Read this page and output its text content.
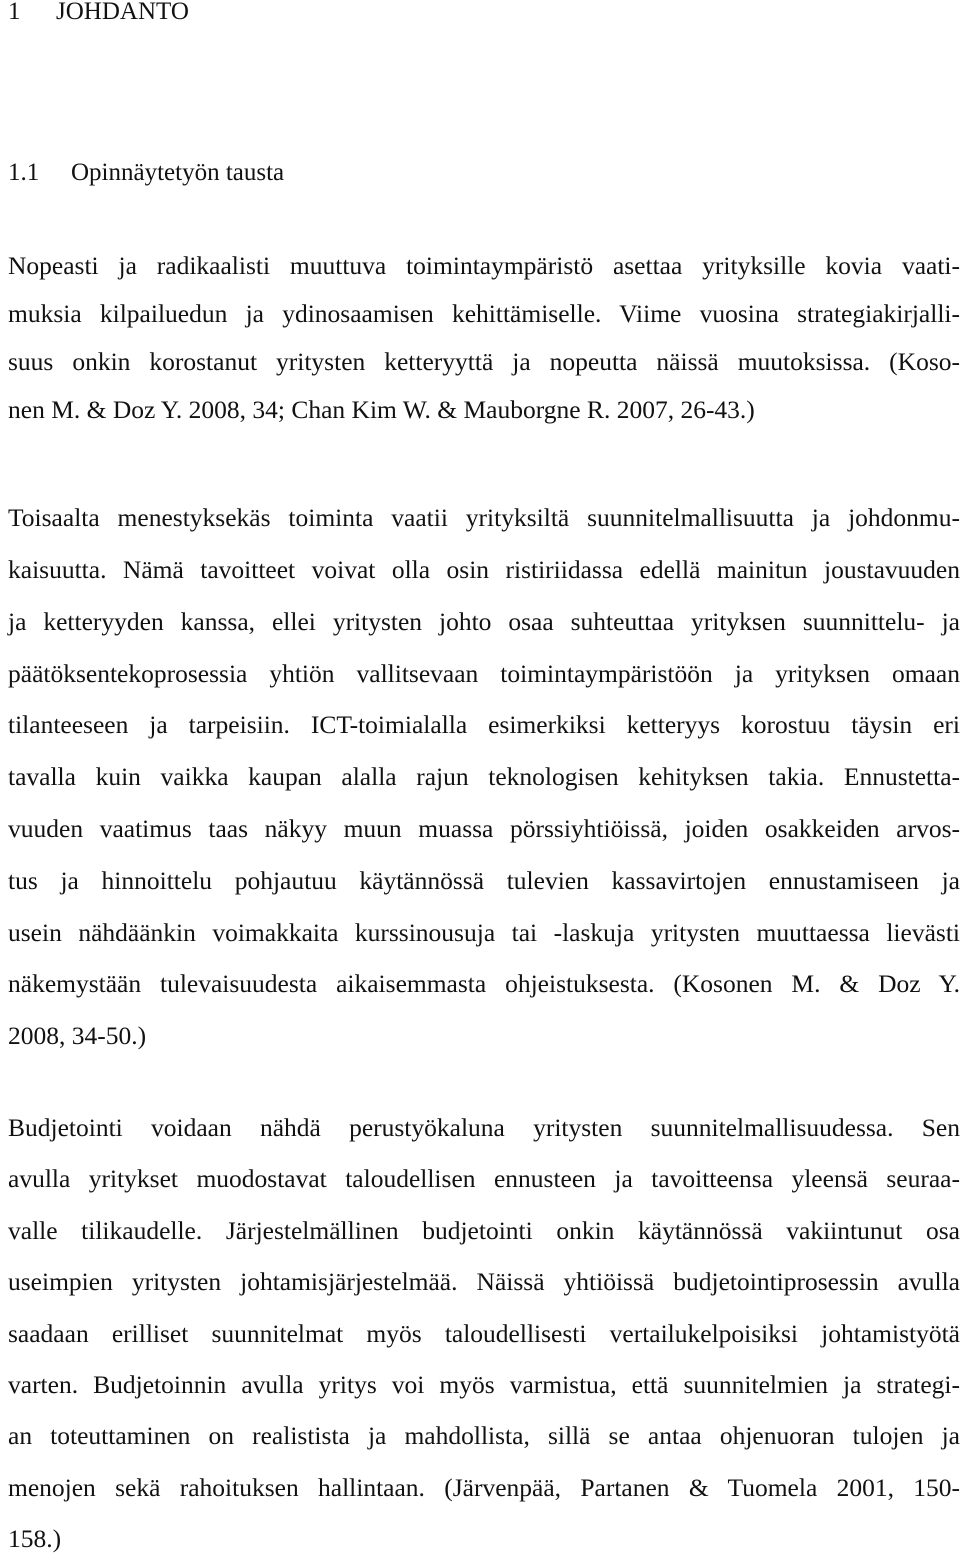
1 JOHDANTO
1.1 Opinnäytetyön tausta
Nopeasti ja radikaalisti muuttuva toimintaympäristö asettaa yrityksille kovia vaati-
muksia kilpailuedun ja ydinosaamisen kehittämiselle. Viime vuosina strategiakirjalli-
suus onkin korostanut yritysten ketteryyttä ja nopeutta näissä muutoksissa. (Koso-
nen M. & Doz Y. 2008, 34; Chan Kim W. & Mauborgne R. 2007, 26-43.)
Toisaalta menestyksekäs toiminta vaatii yrityksiltä suunnitelmallisuutta ja johdonmu-
kaisuutta. Nämä tavoitteet voivat olla osin ristiriidassa edellä mainitun joustavuuden
ja ketteryyden kanssa, ellei yritysten johto osaa suhteuttaa yrityksen suunnittelu- ja
päätöksentekoprosessia yhtiön vallitsevaan toimintaympäristöön ja yrityksen omaan
tilanteeseen ja tarpeisiin. ICT-toimialalla esimerkiksi ketteryys korostuu täysin eri
tavalla kuin vaikka kaupan alalla rajun teknologisen kehityksen takia. Ennustetta-
vuuden vaatimus taas näkyy muun muassa pörssiyhtiöissä, joiden osakkeiden arvos-
tus ja hinnoittelu pohjautuu käytännössä tulevien kassavirtojen ennustamiseen ja
usein nähdäänkin voimakkaita kurssinousuja tai -laskuja yritysten muuttaessa lievästi
näkemystään tulevaisuudesta aikaisemmasta ohjeistuksesta. (Kosonen M. & Doz Y.
2008, 34-50.)
Budjetointi voidaan nähdä perustyökaluna yritysten suunnitelmallisuudessa. Sen
avulla yritykset muodostavat taloudellisen ennusteen ja tavoitteensa yleensä seuraa-
valle tilikaudelle. Järjestelmällinen budjetointi onkin käytännössä vakiintunut osa
useimpien yritysten johtamisjärjestelmää. Näissä yhtiöissä budjetointiprosessin avulla
saadaan erilliset suunnitelmat myös taloudellisesti vertailukelpoisiksi johtamistyötä
varten. Budjetoinnin avulla yritys voi myös varmistua, että suunnitelmien ja strategi-
an toteuttaminen on realistista ja mahdollista, sillä se antaa ohjenuoran tulojen ja
menojen sekä rahoituksen hallintaan. (Järvenpää, Partanen & Tuomela 2001, 150-
158.)
